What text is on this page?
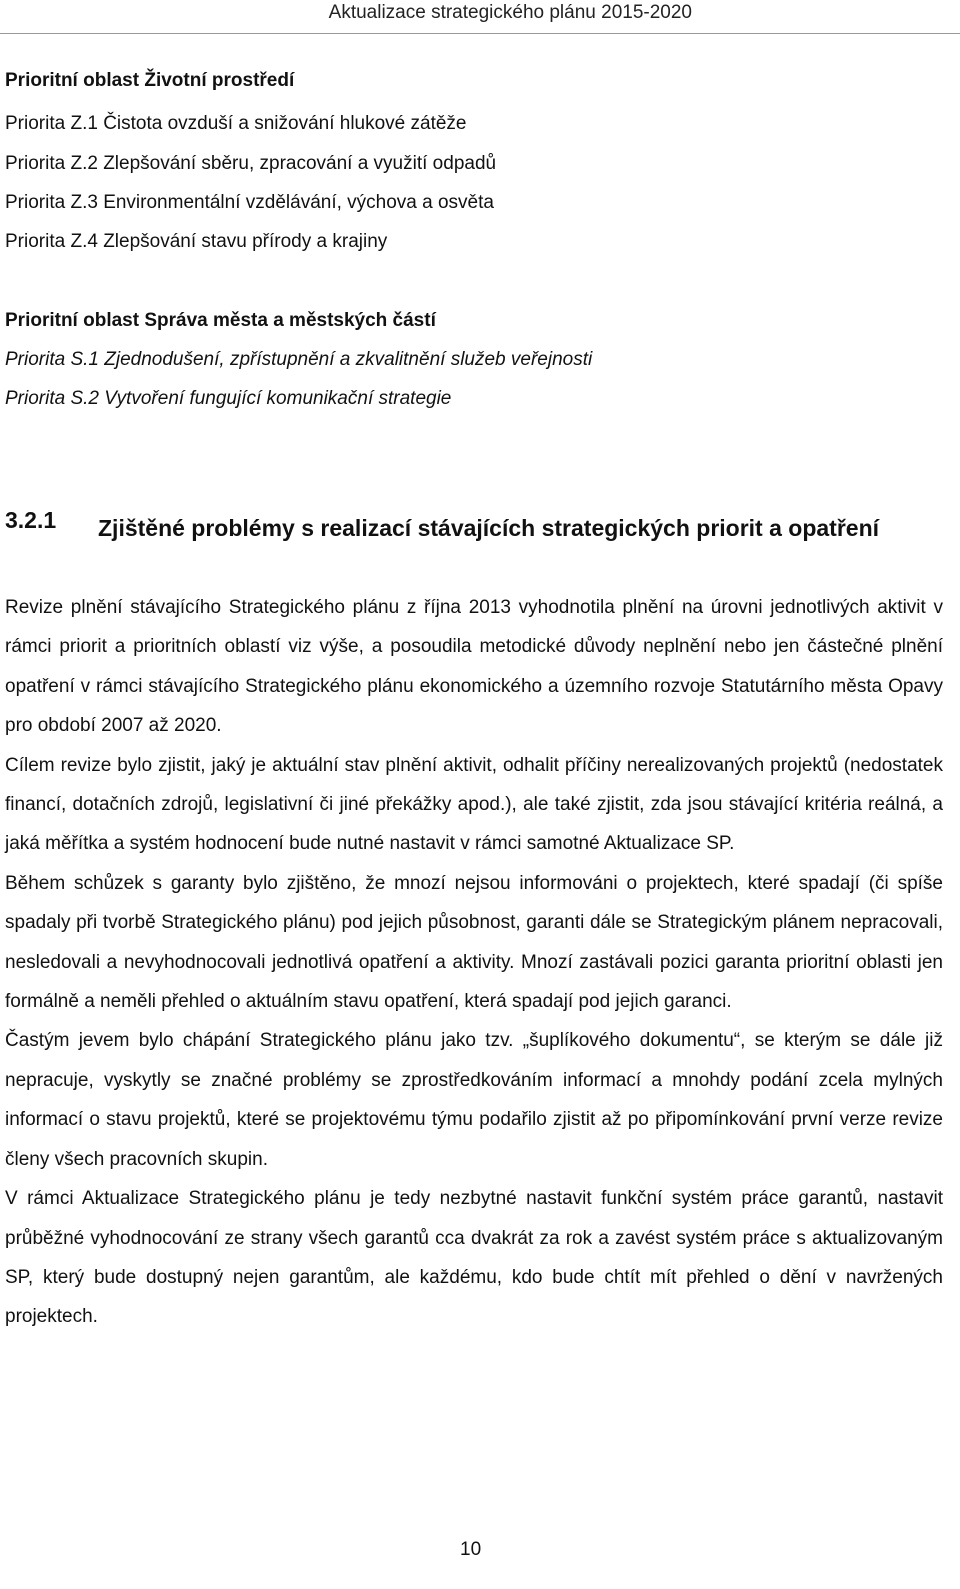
Aktualizace strategického plánu 2015-2020
Prioritní oblast Životní prostředí
Priorita Z.1 Čistota ovzduší a snižování hlukové zátěže
Priorita Z.2 Zlepšování sběru, zpracování a využití odpadů
Priorita Z.3 Environmentální vzdělávání, výchova a osvěta
Priorita Z.4 Zlepšování stavu přírody a krajiny
Prioritní oblast Správa města a městských částí
Priorita S.1 Zjednodušení, zpřístupnění a zkvalitnění služeb veřejnosti
Priorita S.2 Vytvoření fungující komunikační strategie
3.2.1 Zjištěné problémy s realizací stávajících strategických priorit a opatření

Revize plnění stávajícího Strategického plánu z října 2013 vyhodnotila plnění na úrovni jednotlivých aktivit v rámci priorit a prioritních oblastí viz výše, a posoudila metodické důvody neplnění nebo jen částečné plnění opatření v rámci stávajícího Strategického plánu ekonomického a územního rozvoje Statutárního města Opavy pro období 2007 až 2020.

Cílem revize bylo zjistit, jaký je aktuální stav plnění aktivit, odhalit příčiny nerealizovaných projektů (nedostatek financí, dotačních zdrojů, legislativní či jiné překážky apod.), ale také zjistit, zda jsou stávající kritéria reálná, a jaká měřítka a systém hodnocení bude nutné nastavit v rámci samotné Aktualizace SP.

Během schůzek s garanty bylo zjištěno, že mnozí nejsou informováni o projektech, které spadají (či spíše spadaly při tvorbě Strategického plánu) pod jejich působnost, garanti dále se Strategickým plánem nepracovali, nesledovali a nevyhodnocovali jednotlivá opatření a aktivity. Mnozí zastávali pozici garanta prioritní oblasti jen formálně a neměli přehled o aktuálním stavu opatření, která spadají pod jejich garanci.

Častým jevem bylo chápání Strategického plánu jako tzv. „šuplíkového dokumentu“, se kterým se dále již nepracuje, vyskytly se značné problémy se zprostředkováním informací a mnohdy podání zcela mylných informací o stavu projektů, které se projektovému týmu podařilo zjistit až po připomínkování první verze revize členy všech pracovních skupin.

V rámci Aktualizace Strategického plánu je tedy nezbytné nastavit funkční systém práce garantů, nastavit průběžné vyhodnocování ze strany všech garantů cca dvakrát za rok a zavést systém práce s aktualizovaným SP, který bude dostupný nejen garantům, ale každému, kdo bude chtít mít přehled o dění v navržených projektech.

10
